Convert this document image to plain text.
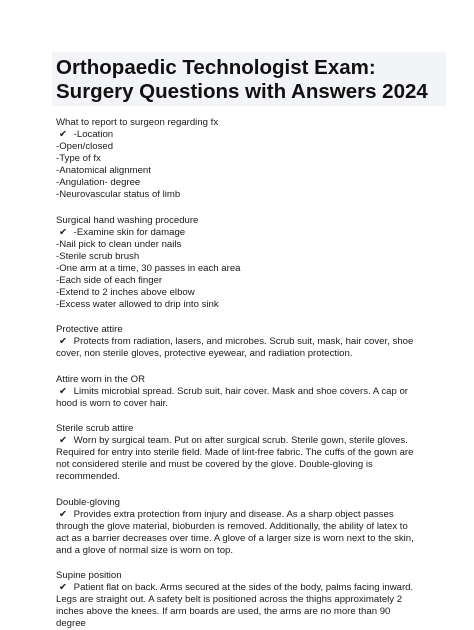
Orthopaedic Technologist Exam:
Surgery Questions with Answers 2024
What to report to surgeon regarding fx
✔ -Location
-Open/closed
-Type of fx
-Anatomical alignment
-Angulation- degree
-Neurovascular status of limb
Surgical hand washing procedure
✔ -Examine skin for damage
-Nail pick to clean under nails
-Sterile scrub brush
-One arm at a time, 30 passes in each area
-Each side of each finger
-Extend to 2 inches above elbow
-Excess water allowed to drip into sink
Protective attire
✔ Protects from radiation, lasers, and microbes. Scrub suit, mask, hair cover, shoe cover, non sterile gloves, protective eyewear, and radiation protection.
Attire worn in the OR
✔ Limits microbial spread. Scrub suit, hair cover. Mask and shoe covers. A cap or hood is worn to cover hair.
Sterile scrub attire
✔ Worn by surgical team. Put on after surgical scrub. Sterile gown, sterile gloves. Required for entry into sterile field. Made of lint-free fabric. The cuffs of the gown are not considered sterile and must be covered by the glove. Double-gloving is recommended.
Double-gloving
✔ Provides extra protection from injury and disease. As a sharp object passes through the glove material, bioburden is removed. Additionally, the ability of latex to act as a barrier decreases over time. A glove of a larger size is worn next to the skin, and a glove of normal size is worn on top.
Supine position
✔ Patient flat on back. Arms secured at the sides of the body, palms facing inward. Legs are straight out. A safety belt is positioned across the thighs approximately 2 inches above the knees. If arm boards are used, the arms are no more than 90 degree
